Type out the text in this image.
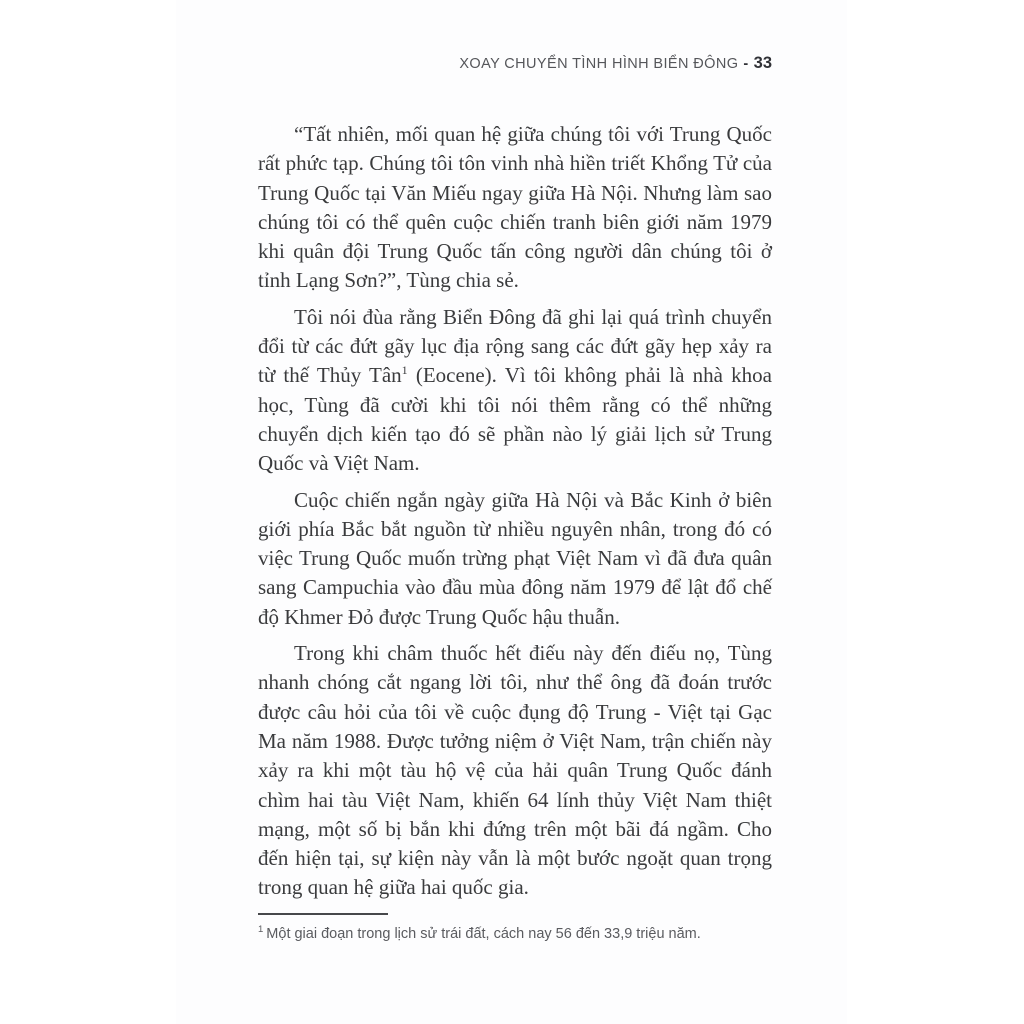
XOAY CHUYỂN TÌNH HÌNH BIỂN ĐÔNG - 33

“Tất nhiên, mối quan hệ giữa chúng tôi với Trung Quốc rất phức tạp. Chúng tôi tôn vinh nhà hiền triết Khổng Tử của Trung Quốc tại Văn Miếu ngay giữa Hà Nội. Nhưng làm sao chúng tôi có thể quên cuộc chiến tranh biên giới năm 1979 khi quân đội Trung Quốc tấn công người dân chúng tôi ở tỉnh Lạng Sơn?”, Tùng chia sẻ.

Tôi nói đùa rằng Biển Đông đã ghi lại quá trình chuyển đổi từ các đứt gãy lục địa rộng sang các đứt gãy hẹp xảy ra từ thế Thủy Tân$^1$ (Eocene). Vì tôi không phải là nhà khoa học, Tùng đã cười khi tôi nói thêm rằng có thể những chuyển dịch kiến tạo đó sẽ phần nào lý giải lịch sử Trung Quốc và Việt Nam.

Cuộc chiến ngắn ngày giữa Hà Nội và Bắc Kinh ở biên giới phía Bắc bắt nguồn từ nhiều nguyên nhân, trong đó có việc Trung Quốc muốn trừng phạt Việt Nam vì đã đưa quân sang Campuchia vào đầu mùa đông năm 1979 để lật đổ chế độ Khmer Đỏ được Trung Quốc hậu thuẫn.

Trong khi châm thuốc hết điếu này đến điếu nọ, Tùng nhanh chóng cắt ngang lời tôi, như thể ông đã đoán trước được câu hỏi của tôi về cuộc đụng độ Trung - Việt tại Gạc Ma năm 1988. Được tưởng niệm ở Việt Nam, trận chiến này xảy ra khi một tàu hộ vệ của hải quân Trung Quốc đánh chìm hai tàu Việt Nam, khiến 64 lính thủy Việt Nam thiệt mạng, một số bị bắn khi đứng trên một bãi đá ngầm. Cho đến hiện tại, sự kiện này vẫn là một bước ngoặt quan trọng trong quan hệ giữa hai quốc gia.

$^1$ Một giai đoạn trong lịch sử trái đất, cách nay 56 đến 33,9 triệu năm.
